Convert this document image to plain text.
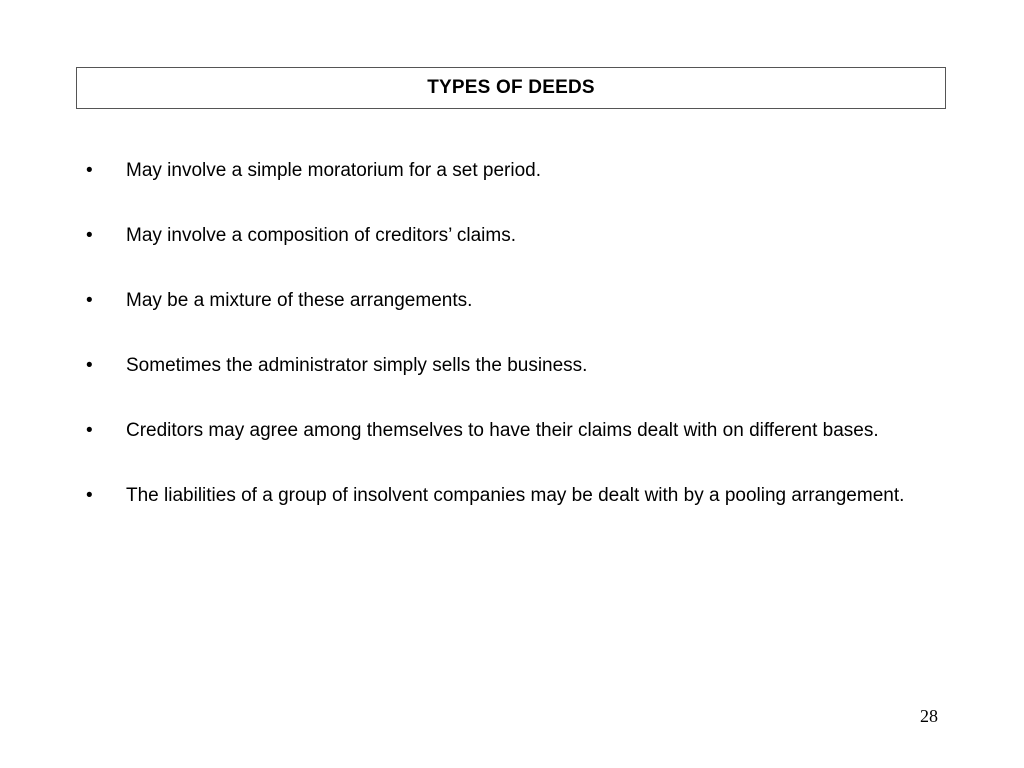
TYPES OF DEEDS
•	May involve a simple moratorium for a set period.
•	May involve a composition of creditors’ claims.
•	May be a mixture of these arrangements.
•	Sometimes the administrator simply sells the business.
•	Creditors may agree among themselves to have their claims dealt with on different bases.
•	The liabilities of a group of insolvent companies may be dealt with by a pooling arrangement.
28
